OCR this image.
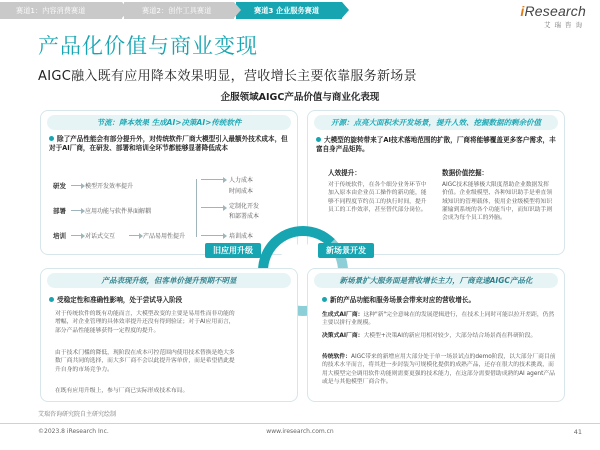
赛道1：内容消费赛道	赛道2：创作工具赛道	赛道3 企业服务赛道	iResearch
艾瑞咨询
产品化价值与商业变现
AIGC融入既有应用降本效果明显，营收增长主要依靠服务新场景
企服领域AIGC产品价值与商业化表现
节流：降本效果 生成AI>决策AI>传统软件
除了产品性能会有部分提升外，对传统软件厂商大模型引入最额外技术成本，但对于AI厂商，在研发、部署和培训全环节都能够显著降低成本
研发	模型开发效率提升
部署	应用功能与软件界面解耦
培训	对话式交互	产品易用性提升
人力成本
时间成本
定制化开发
和部署成本
培训成本
开源：点亮大面积未开发场景，提升人效、挖掘数据的剩余价值
大模型的旋转带来了AI技术落地范围的扩散，厂商将能够覆盖更多客户需求，丰富自身产品矩阵。
人效提升：
对于传统软件，在各个细分业务环节中加入原本由企业员工操作的新功能，能够不同程度节约员工的执行时间，提升员工的工作效率，甚至替代部分岗位。
数据价值挖掘：
AIGC技术能够极大限度帮助企业数据发挥价值。企业级模型、各种知识助手是垂直领域知识的管理载体，使用企业级模型将知识灌输到系统的各个功能当中，而知识助手则会成为每个员工的外脑。
旧应用升级	新场景开发
产品表现升级，但客单价提升预期不明显
受稳定性和准确性影响，处于尝试导入阶段
对于传统软件的既有功能而言，大模型改变的主要是易用性而非功能的增幅，对企业管理的具体效率提升还没有得到验证；对于AI应用而言，部分产品性能能够获得一定程度的提升。
由于技术门槛的降低，现阶段在成本可控范围内使用技术替换是绝大多数厂商共同的选择，而大多厂商不会以此提升客单价，而是希望借此提升自身的市场竞争力。
在既有应用升级上，参与厂商已实际形成技术布局。
新场景扩大服务面是营收增长主力，厂商竞速AIGC产品化
新的产品功能和服务场景会带来对应的营收增长。
生成式AI厂商：这种"新"完全意味在的发展逻辑进行，在技术上同时可能以拉开差距，仍然主要以拼行业规模。
决策式AI厂商：大模型+决策AI的新应用相对较少，大部分结合场景尚在科研阶段。
传统软件：AIGC带来的新增应用大部分处于单一场景试点的demo阶段，以大部分厂商目前的技术水平而言，将其进一步封装为可规模化提供的成熟产品，还存在很大的技术挑战，而用大模型完全调用软件功能则需要更强的技术能力，在这部分需要借助成熟的AI agent产品或是与其他模型厂商合作。
艾瑞咨询研究院自主研究绘制
©2023.8 iResearch Inc.	www.iresearch.com.cn	41
